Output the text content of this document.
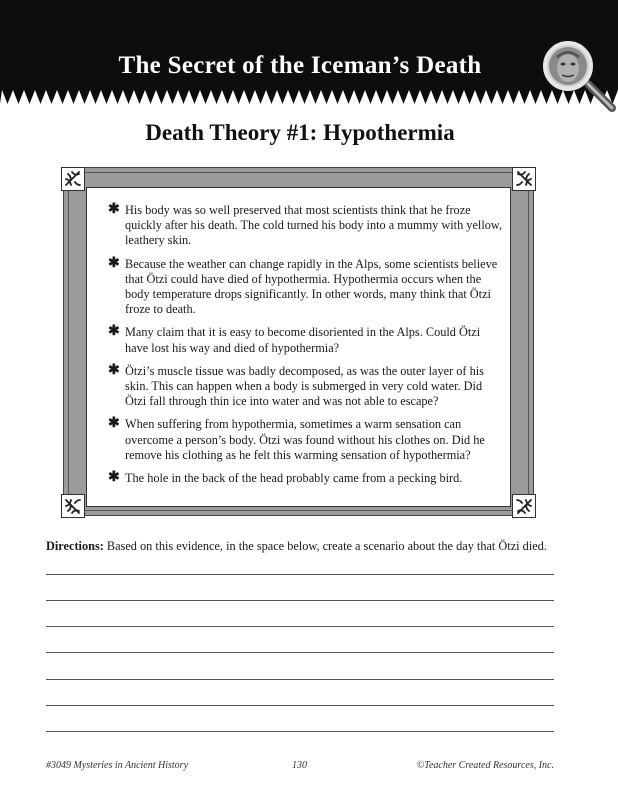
The Secret of the Iceman’s Death
Death Theory #1: Hypothermia
✱ His body was so well preserved that most scientists think that he froze quickly after his death. The cold turned his body into a mummy with yellow, leathery skin.
✱ Because the weather can change rapidly in the Alps, some scientists believe that Ötzi could have died of hypothermia. Hypothermia occurs when the body temperature drops significantly. In other words, many think that Ötzi froze to death.
✱ Many claim that it is easy to become disoriented in the Alps. Could Ötzi have lost his way and died of hypothermia?
✱ Ötzi’s muscle tissue was badly decomposed, as was the outer layer of his skin. This can happen when a body is submerged in very cold water. Did Ötzi fall through thin ice into water and was not able to escape?
✱ When suffering from hypothermia, sometimes a warm sensation can overcome a person’s body. Ötzi was found without his clothes on. Did he remove his clothing as he felt this warming sensation of hypothermia?
✱ The hole in the back of the head probably came from a pecking bird.
Directions: Based on this evidence, in the space below, create a scenario about the day that Ötzi died.
#3049 Mysteries in Ancient History	130	©Teacher Created Resources, Inc.
